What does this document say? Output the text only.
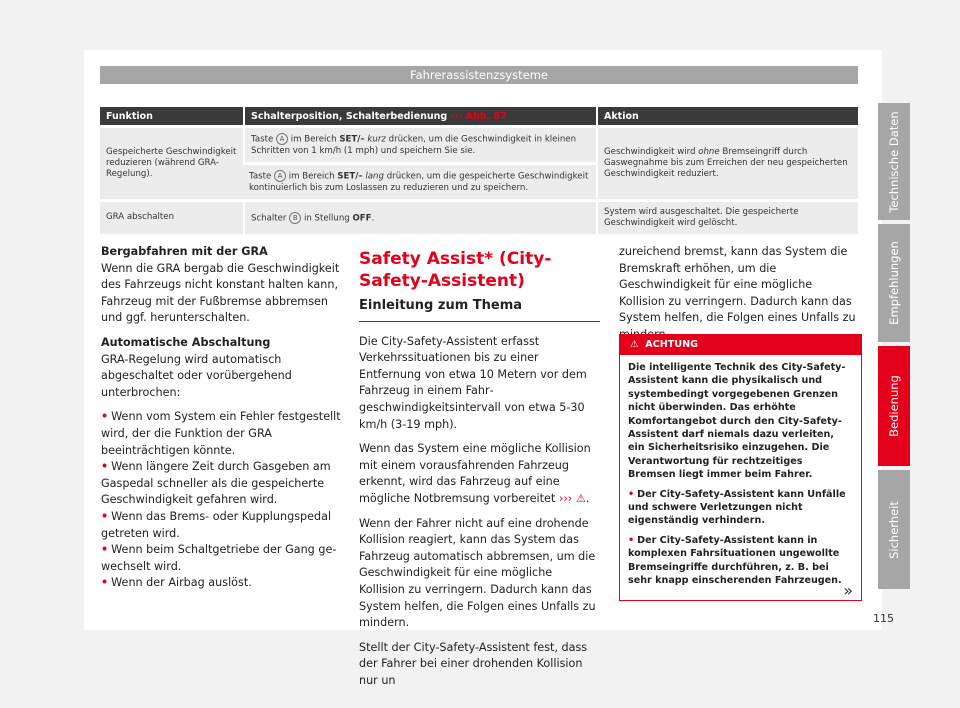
Fahrerassistenzsysteme
Funktion	Schalterposition, Schalterbedienung ››› Abb. 87	Aktion
Gespeicherte Geschwindigkeit reduzieren (während GRA-Regelung).	Taste A im Bereich SET/– kurz drücken, um die Geschwindigkeit in kleinen Schritten von 1 km/h (1 mph) und speichern Sie sie.	Geschwindigkeit wird ohne Bremseingriff durch Gaswegnahme bis zum Erreichen der neu gespeicherten Geschwindigkeit reduziert.
	Taste A im Bereich SET/– lang drücken, um die gespeicherte Geschwindigkeit kontinuierlich bis zum Loslassen zu reduzieren und zu speichern.	
GRA abschalten	Schalter B in Stellung OFF.	System wird ausgeschaltet. Die gespeicherte Geschwindigkeit wird gelöscht.

Bergabfahren mit der GRA

Wenn die GRA bergab die Geschwindigkeit des Fahrzeugs nicht konstant halten kann, Fahrzeug mit der Fußbremse abbremsen und ggf. herunterschalten.

Automatische Abschaltung

GRA-Regelung wird automatisch abgeschaltet oder vorübergehend unterbrochen:

• Wenn vom System ein Fehler festgestellt wird, der die Funktion der GRA beeinträchtigen könnte.

• Wenn längere Zeit durch Gasgeben am Gaspedal schneller als die gespeicherte Geschwindigkeit gefahren wird.

• Wenn das Brems- oder Kupplungspedal getreten wird.

• Wenn beim Schaltgetriebe der Gang gewechselt wird.

• Wenn der Airbag auslöst.

Safety Assist* (City-Safety-Assistent)

Einleitung zum Thema

Die City-Safety-Assistent erfasst Verkehrssituationen bis zu einer Entfernung von etwa 10 Metern vor dem Fahrzeug in einem Fahrgeschwindigkeitsintervall von etwa 5-30 km/h (3-19 mph).

Wenn das System eine mögliche Kollision mit einem vorausfahrenden Fahrzeug erkennt, wird das Fahrzeug auf eine mögliche Notbremsung vorbereitet ››› ⚠.

Wenn der Fahrer nicht auf eine drohende Kollision reagiert, kann das System das Fahrzeug automatisch abbremsen, um die Geschwindigkeit für eine mögliche Kollision zu verringern. Dadurch kann das System helfen, die Folgen eines Unfalls zu mindern.

Stellt der City-Safety-Assistent fest, dass der Fahrer bei einer drohenden Kollision nur un

zureichend bremst, kann das System die Bremskraft erhöhen, um die Geschwindigkeit für eine mögliche Kollision zu verringern. Dadurch kann das System helfen, die Folgen eines Unfalls zu

⚠ ACHTUNG

Die intelligente Technik des City-Safety-Assistent kann die physikalisch und systembedingt vorgegebenen Grenzen nicht überwinden. Das erhöhte Komfortangebot durch den City-Safety-Assistent darf niemals dazu verleiten, ein Sicherheitsrisiko einzugehen. Die Verantwortung für rechtzeitiges Bremsen liegt immer beim Fahrer.

• Der City-Safety-Assistent kann Unfälle und schwere Verletzungen nicht eigenständig verhindern.

• Der City-Safety-Assistent kann in komplexen Fahrsituationen ungewollte Bremseingriffe durchführen, z. B. bei sehr knapp einscherenden Fahrzeugen.

»
Technische Daten
Empfehlungen
Bedienung
Sicherheit
115
